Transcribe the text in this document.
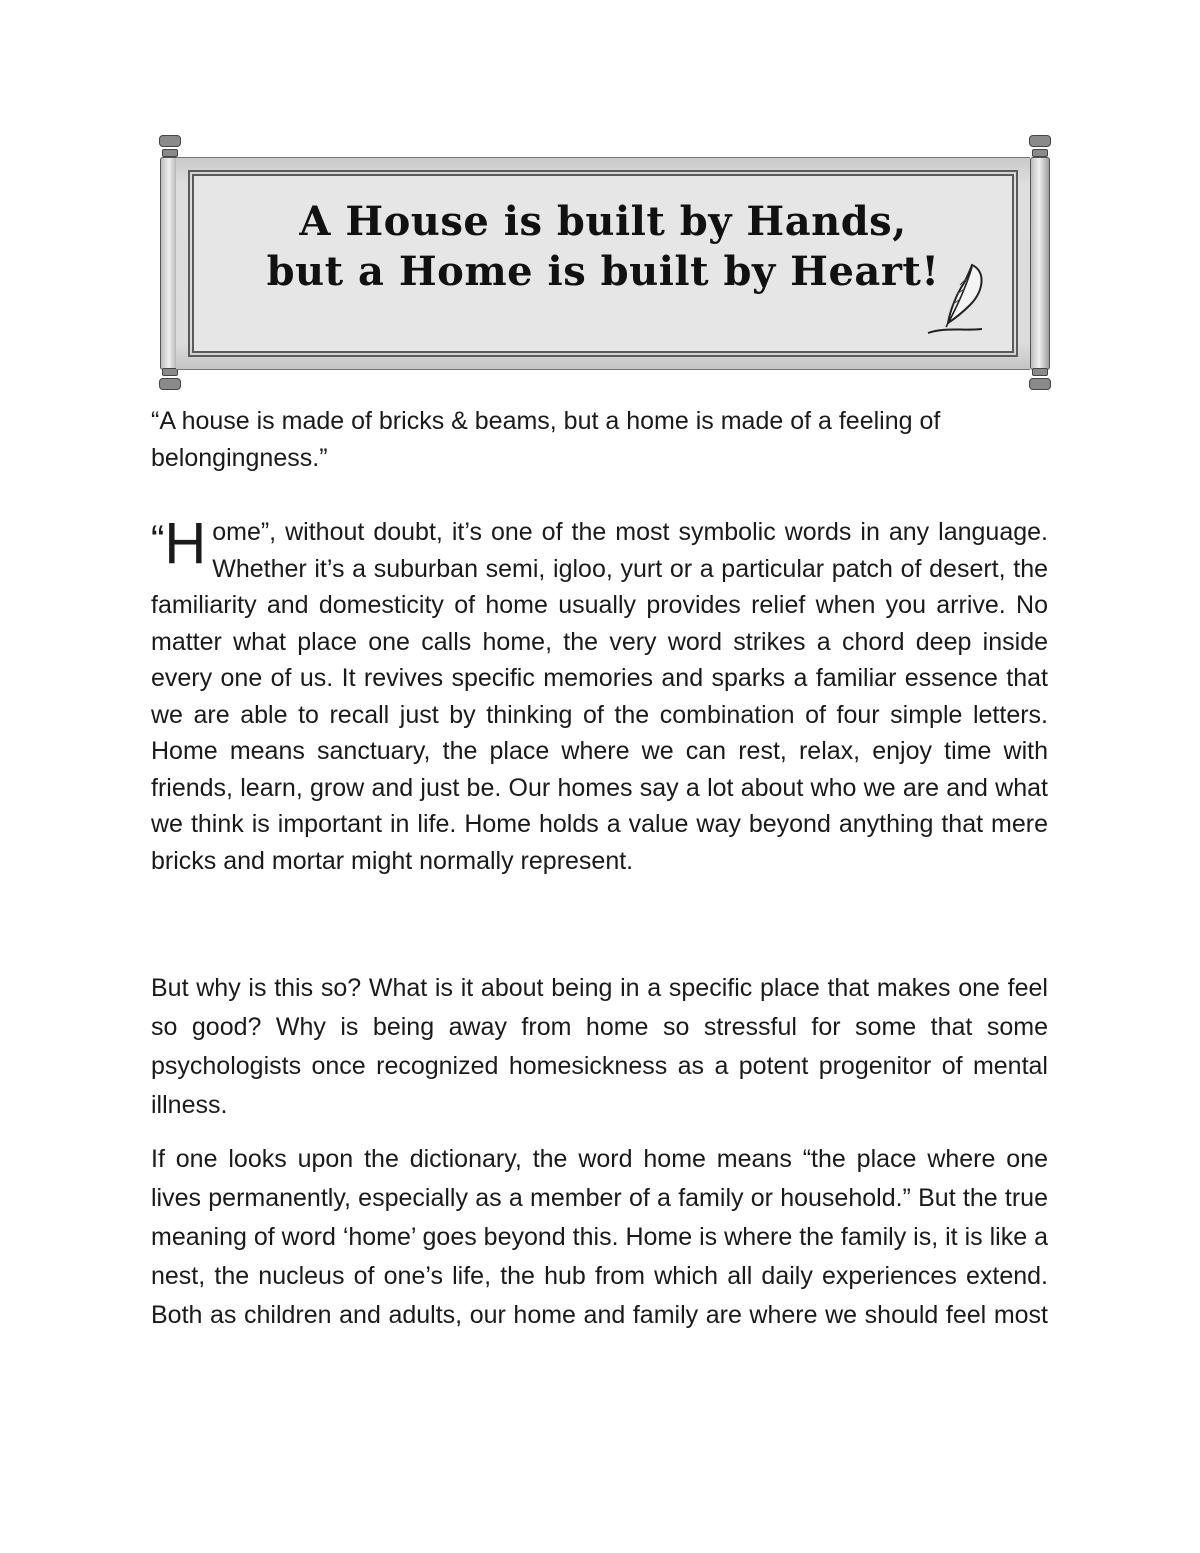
A House is built by Hands,
but a Home is built by Heart!

“A house is made of bricks & beams, but a home is made of a feeling of belongingness.”

“H ome”, without doubt, it’s one of the most symbolic words in any language. Whether it’s a suburban semi, igloo, yurt or a particular patch of desert, the familiarity and domesticity of home usually provides relief when you arrive. No matter what place one calls home, the very word strikes a chord deep inside every one of us. It revives specific memories and sparks a familiar essence that we are able to recall just by thinking of the combination of four simple letters. Home means sanctuary, the place where we can rest, relax, enjoy time with friends, learn, grow and just be. Our homes say a lot about who we are and what we think is important in life. Home holds a value way beyond anything that mere bricks and mortar might normally represent.

But why is this so? What is it about being in a specific place that makes one feel so good? Why is being away from home so stressful for some that some psychologists once recognized homesickness as a potent progenitor of mental illness.

If one looks upon the dictionary, the word home means “the place where one lives permanently, especially as a member of a family or household.” But the true meaning of word ‘home’ goes beyond this. Home is where the family is, it is like a nest, the nucleus of one’s life, the hub from which all daily experiences extend. Both as children and adults, our home and family are where we should feel most
